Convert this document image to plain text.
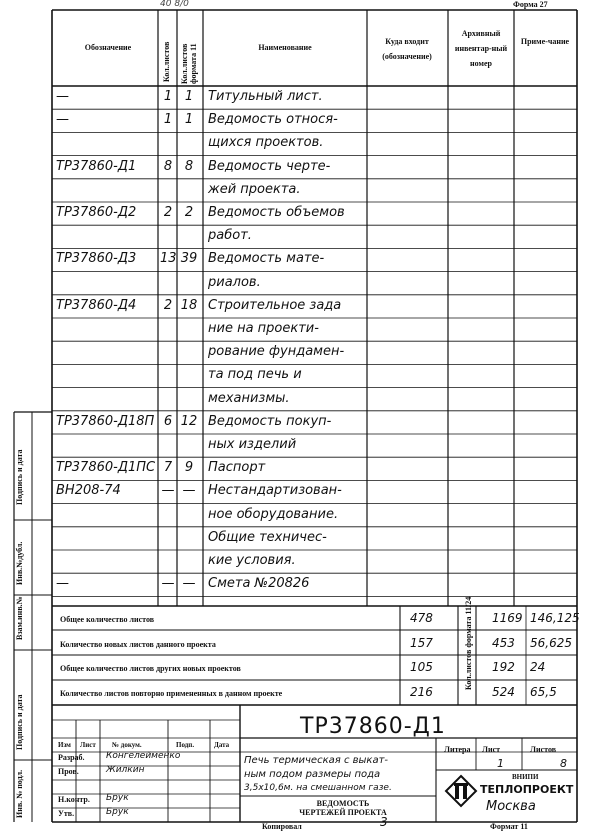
Форма 27
40 8/0
Обозначение	Кол.листов Кол.листов формата 11	Наименование
Куда входит (обозначение)
Архивный инвентар-ный номер
Приме-чание
—	1 1	Титульный лист.
—	1 1	Ведомость относя-
щихся проектов.
ТР37860-Д1 8 8	Ведомость черте-
жей проекта.
ТР37860-Д2 2 2	Ведомость объемов
работ.
ТР37860-Д3 13 39 Ведомость мате-
риалов.
ТР37860-Д4 2 18 Строительное зада
ние на проекти-
рование фундамен-
та под печь и
механизмы.
ТР37860-Д18П 6 12 Ведомость покуп-
ных изделий
ТР37860-Д1ПС 7 9	Паспорт
ВН208-74	— — Нестандартизован-
ное оборудование.
Общие техничес-
кие условия.
—	— — Смета №20826
Общее количество листов	478	1169 146,125
Количество новых листов данного проекта	157	453 56,625
Общее количество листов других новых проектов	105	192 24
Количество листов повторно примененных в данном проекте	216	524 65,5
Кол.листов формата 11/24
Инв. № подл.
Подпись и дата
Взам.инв.№
Инв.№дубл.
Подпись и дата
ТР37860-Д1
Изм Лист № докум.	Подп.	Дата
Разраб. Конгелейменко
Пров.	Жилкин
Н.контр. Брук
Утв.	Брук
Печь термическая с выкат-
ным подом размеры пода
3,5х10,6м. на смешанном газе.
ВЕДОМОСТЬ
ЧЕРТЕЖЕЙ ПРОЕКТА
Литера Лист	Листов
1	8
ВНИПИ
ТЕПЛОПРОЕКТ
Москва
Копировал	Формат 11
3
